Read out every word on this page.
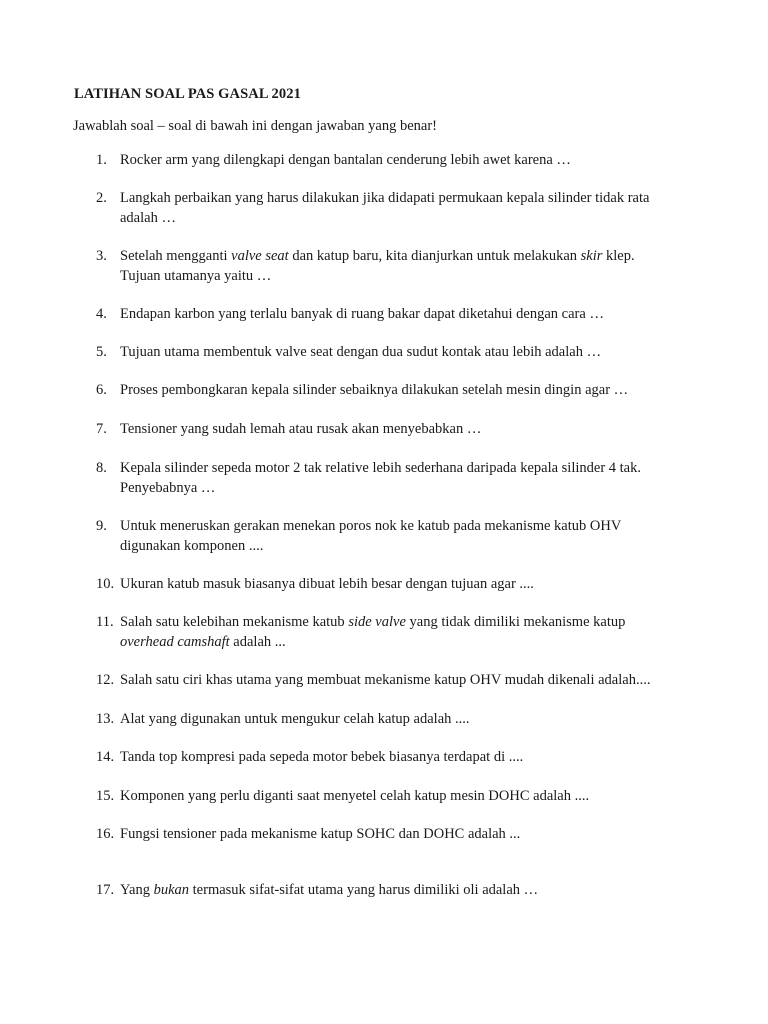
LATIHAN SOAL PAS GASAL 2021
Jawablah soal – soal di bawah ini dengan jawaban yang benar!
1. Rocker arm yang dilengkapi dengan bantalan cenderung lebih awet karena …
2. Langkah perbaikan yang harus dilakukan jika didapati permukaan kepala silinder tidak rata
adalah …
3. Setelah mengganti valve seat dan katup baru, kita dianjurkan untuk melakukan skir klep.
Tujuan utamanya yaitu …
4. Endapan karbon yang terlalu banyak di ruang bakar dapat diketahui dengan cara …
5. Tujuan utama membentuk valve seat dengan dua sudut kontak atau lebih adalah …
6. Proses pembongkaran kepala silinder sebaiknya dilakukan setelah mesin dingin agar …
7. Tensioner yang sudah lemah atau rusak akan menyebabkan …
8. Kepala silinder sepeda motor 2 tak relative lebih sederhana daripada kepala silinder 4 tak.
Penyebabnya …
9. Untuk meneruskan gerakan menekan poros nok ke katub pada mekanisme katub OHV
digunakan komponen ....
10. Ukuran katub masuk biasanya dibuat lebih besar dengan tujuan agar ....
11. Salah satu kelebihan mekanisme katub side valve yang tidak dimiliki mekanisme katup
overhead camshaft adalah ...
12. Salah satu ciri khas utama yang membuat mekanisme katup OHV mudah dikenali adalah....
13. Alat yang digunakan untuk mengukur celah katup adalah ....
14. Tanda top kompresi pada sepeda motor bebek biasanya terdapat di ....
15. Komponen yang perlu diganti saat menyetel celah katup mesin DOHC adalah ....
16. Fungsi tensioner pada mekanisme katup SOHC dan DOHC adalah ...
17. Yang bukan termasuk sifat-sifat utama yang harus dimiliki oli adalah …
